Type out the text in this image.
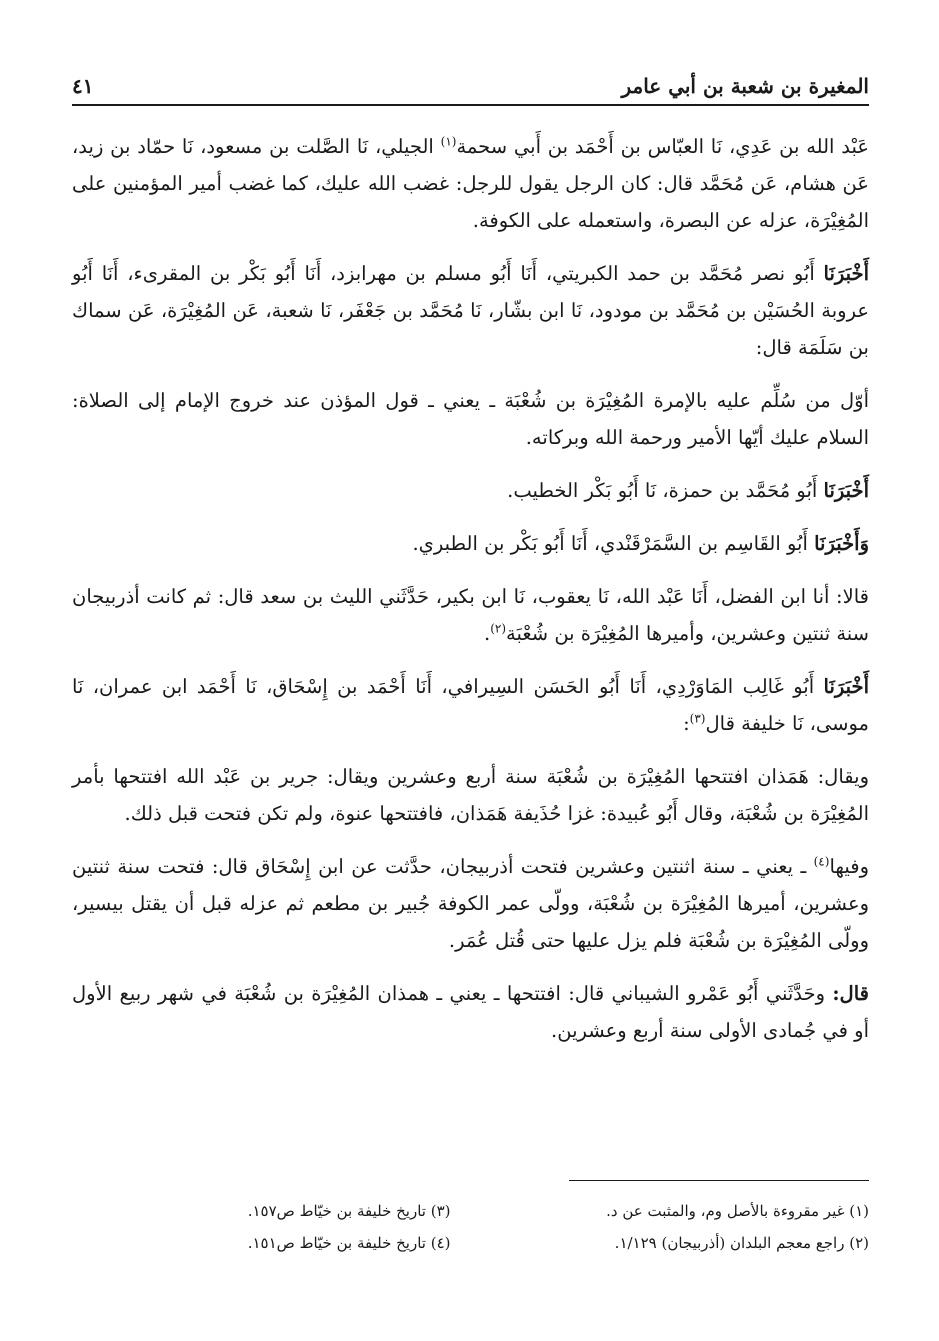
المغيرة بن شعبة بن أبي عامر
٤١

عَبْد الله بن عَدِي، نَا العبّاس بن أَحْمَد بن أَبي سحمة$^{(١)}$ الجيلي، نَا الصَّلت بن مسعود، نَا حمّاد بن زيد، عَن هشام، عَن مُحَمَّد قال: كان الرجل يقول للرجل: غضب الله عليك، كما غضب أمير المؤمنين على المُغِيْرَة، عزله عن البصرة، واستعمله على الكوفة.

أَخْبَرَنَا أَبُو نصر مُحَمَّد بن حمد الكبريتي، أَنَا أَبُو مسلم بن مهرابزد، أَنَا أَبُو بَكْر بن المقرىء، أَنَا أَبُو عروبة الحُسَيْن بن مُحَمَّد بن مودود، نَا ابن بشّار، نَا مُحَمَّد بن جَعْفَر، نَا شعبة، عَن المُغِيْرَة، عَن سماك بن سَلَمَة قال:

أوّل من سُلِّم عليه بالإمرة المُغِيْرَة بن شُعْبَة ـ يعني ـ قول المؤذن عند خروج الإمام إلى الصلاة: السلام عليك أيّها الأمير ورحمة الله وبركاته.

أَخْبَرَنَا أَبُو مُحَمَّد بن حمزة، نَا أَبُو بَكْر الخطيب.

وَأَخْبَرَنَا أَبُو القَاسِم بن السَّمَرْقَنْدي، أَنَا أَبُو بَكْر بن الطبري.

قالا: أنا ابن الفضل، أَنَا عَبْد الله، نَا يعقوب، نَا ابن بكير، حَدَّثَني الليث بن سعد قال: ثم كانت أذربيجان سنة ثنتين وعشرين، وأميرها المُغِيْرَة بن شُعْبَة$^{(٢)}$.

أَخْبَرَنَا أَبُو غَالِب المَاوَرْدِي، أَنَا أَبُو الحَسَن السِيرافي، أَنَا أَحْمَد بن إِسْحَاق، نَا أَحْمَد ابن عمران، نَا موسى، نَا خليفة قال$^{(٣)}$:

ويقال: هَمَذان افتتحها المُغِيْرَة بن شُعْبَة سنة أربع وعشرين ويقال: جرير بن عَبْد الله افتتحها بأمر المُغِيْرَة بن شُعْبَة، وقال أَبُو عُبيدة: غزا حُذَيفة هَمَذان، فافتتحها عنوة، ولم تكن فتحت قبل ذلك.

وفيها$^{(٤)}$ ـ يعني ـ سنة اثنتين وعشرين فتحت أذربيجان، حدَّثت عن ابن إِسْحَاق قال: فتحت سنة ثنتين وعشرين، أميرها المُغِيْرَة بن شُعْبَة، وولّى عمر الكوفة جُبير بن مطعم ثم عزله قبل أن يقتل بيسير، وولّى المُغِيْرَة بن شُعْبَة فلم يزل عليها حتى قُتل عُمَر.

قال: وحَدَّثَني أَبُو عَمْرو الشيباني قال: افتتحها ـ يعني ـ همذان المُغِيْرَة بن شُعْبَة في شهر ربيع الأول أو في جُمادى الأولى سنة أربع وعشرين.

(١) غير مقروءة بالأصل وم، والمثبت عن د.
(٣) تاريخ خليفة بن خيّاط ص١٥٧.
(٢) راجع معجم البلدان (أذربيجان) ١/١٢٩.
(٤) تاريخ خليفة بن خيّاط ص١٥١.
